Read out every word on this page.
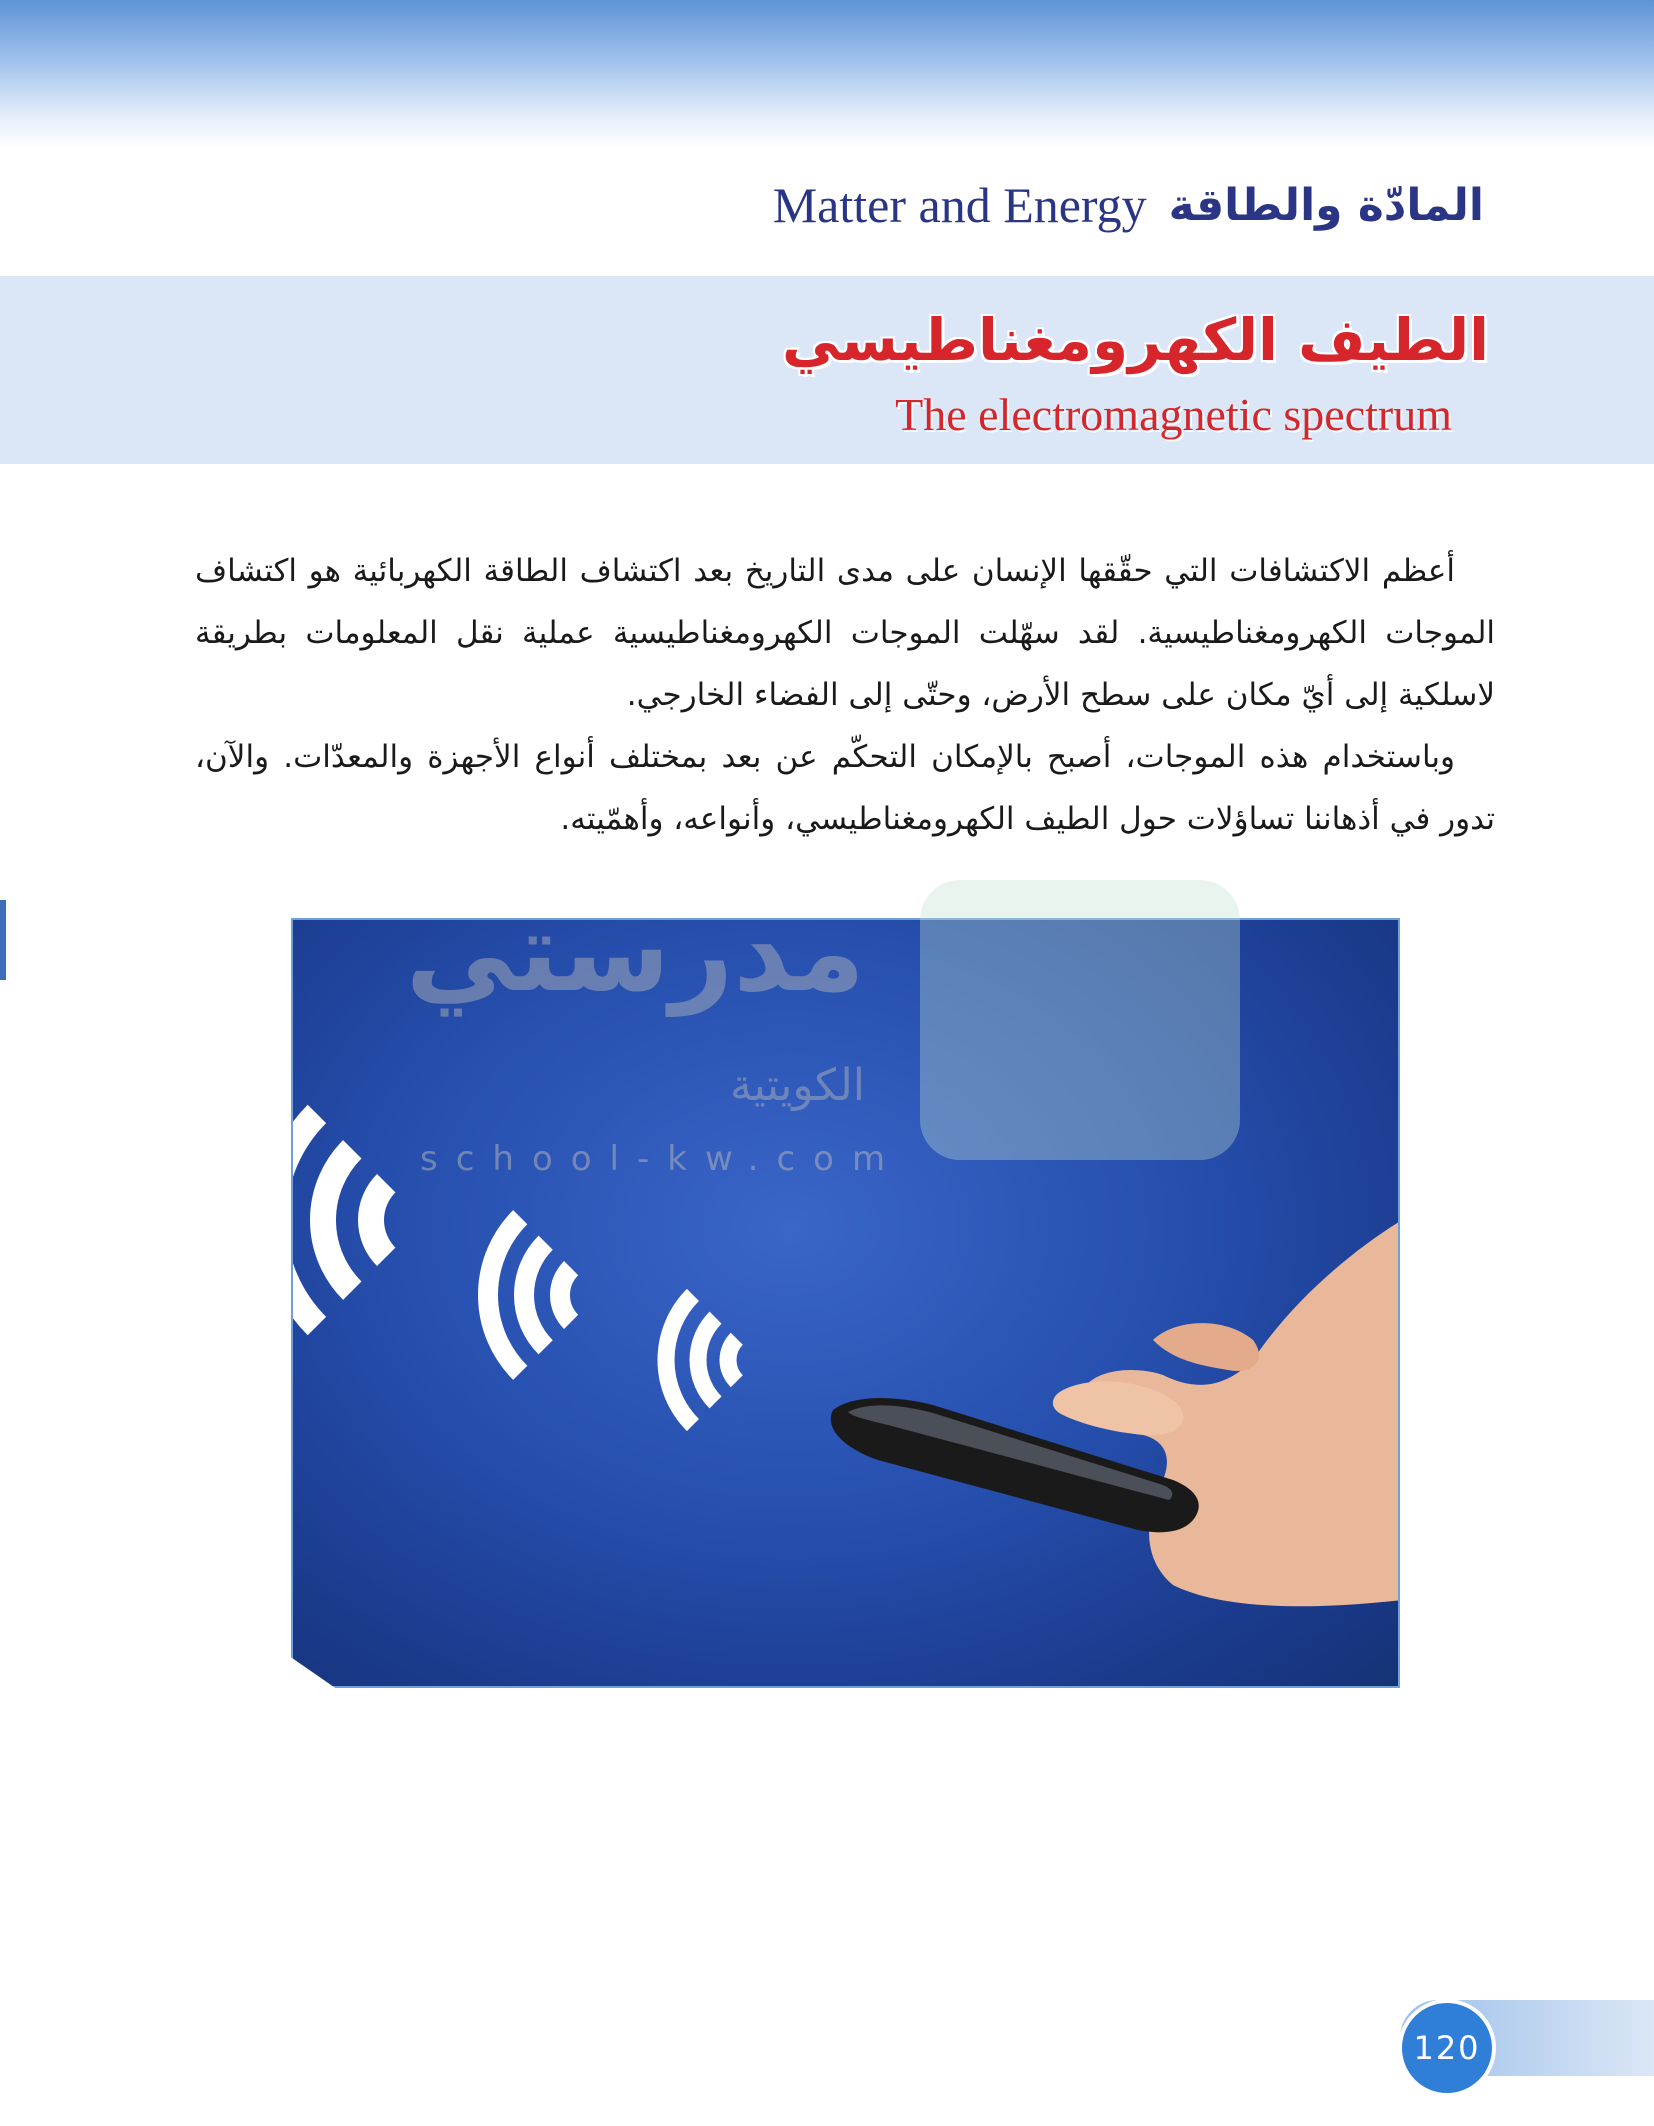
المادّة والطاقة
Matter and Energy
الطيف الكهرومغناطيسي
The electromagnetic spectrum

أعظم الاكتشافات التي حقّقها الإنسان على مدى التاريخ بعد اكتشاف الطاقة الكهربائية هو اكتشاف الموجات الكهرومغناطيسية. لقد سهّلت الموجات الكهرومغناطيسية عملية نقل المعلومات بطريقة لاسلكية إلى أيّ مكان على سطح الأرض، وحتّى إلى الفضاء الخارجي.

وباستخدام هذه الموجات، أصبح بالإمكان التحكّم عن بعد بمختلف أنواع الأجهزة والمعدّات. والآن، تدور في أذهاننا تساؤلات حول الطيف الكهرومغناطيسي، وأنواعه، وأهمّيته.

مدرستي
الكويتية
school-kw.com
120
